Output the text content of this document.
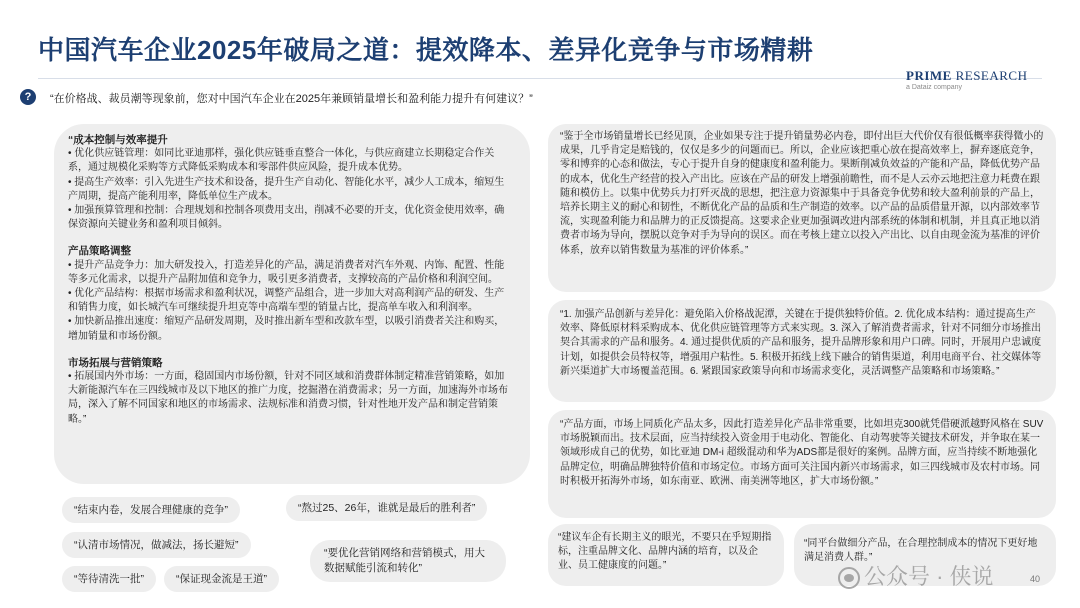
中国汽车企业2025年破局之道：提效降本、差异化竞争与市场精耕
PRIME RESEARCH
a Dataiz company
?	“在价格战、裁员潮等现象前，您对中国汽车企业在2025年兼顾销量增长和盈利能力提升有何建议？”
“成本控制与效率提升

• 优化供应链管理：如同比亚迪那样，强化供应链垂直整合一体化，与供应商建立长期稳定合作关系，通过规模化采购等方式降低采购成本和零部件供应风险，提升成本优势。

• 提高生产效率：引入先进生产技术和设备，提升生产自动化、智能化水平，减少人工成本，缩短生产周期，提高产能利用率，降低单位生产成本。

• 加强预算管理和控制：合理规划和控制各项费用支出，削减不必要的开支，优化资金使用效率，确保资源向关键业务和盈利项目倾斜。

产品策略调整

• 提升产品竞争力：加大研发投入，打造差异化的产品，满足消费者对汽车外观、内饰、配置、性能等多元化需求，以提升产品附加值和竞争力，吸引更多消费者，支撑较高的产品价格和利润空间。

• 优化产品结构：根据市场需求和盈利状况，调整产品组合，进一步加大对高利润产品的研发、生产和销售力度，如长城汽车可继续提升坦克等中高端车型的销量占比，提高单车收入和利润率。

• 加快新品推出速度：缩短产品研发周期，及时推出新车型和改款车型，以吸引消费者关注和购买，增加销量和市场份额。

市场拓展与营销策略

• 拓展国内外市场：一方面，稳固国内市场份额，针对不同区域和消费群体制定精准营销策略，如加大新能源汽车在三四线城市及以下地区的推广力度，挖掘潜在消费需求；另一方面，加速海外市场布局，深入了解不同国家和地区的市场需求、法规标准和消费习惯，针对性地开发产品和制定营销策略。”

“鉴于全市场销量增长已经见顶，企业如果专注于提升销量势必内卷，即付出巨大代价仅有很低概率获得微小的成果，几乎肯定是赔钱的，仅仅是多少的问题而已。所以，企业应该把重心放在提高效率上，摒弃逐底竞争，零和博弈的心态和做法，专心于提升自身的健康度和盈利能力。果断削减负效益的产能和产品，降低优势产品的成本，优化生产经营的投入产出比。应该在产品的研发上增强前瞻性，而不是人云亦云地把注意力耗费在跟随和模仿上。以集中优势兵力打歼灭战的思想，把注意力资源集中于具备竞争优势和较大盈利前景的产品上，培养长期主义的耐心和韧性，不断优化产品的品质和生产制造的效率。以产品的品质借量开源，以内部效率节流，实现盈利能力和品牌力的正反馈提高。这要求企业更加强调改进内部系统的体制和机制，并且真正地以消费者市场为导向，摆脱以竞争对手为导向的误区。而在考核上建立以投入产出比、以自由现金流为基准的评价体系，放弃以销售数量为基准的评价体系。”
“1. 加强产品创新与差异化：避免陷入价格战泥潭，关键在于提供独特价值。2. 优化成本结构：通过提高生产效率、降低原材料采购成本、优化供应链管理等方式来实现。3. 深入了解消费者需求，针对不同细分市场推出契合其需求的产品和服务。4. 通过提供优质的产品和服务，提升品牌形象和用户口碑。同时，开展用户忠诚度计划，如提供会员特权等，增强用户粘性。5. 积极开拓线上线下融合的销售渠道，利用电商平台、社交媒体等新兴渠道扩大市场覆盖范围。6. 紧跟国家政策导向和市场需求变化，灵活调整产品策略和市场策略。”
“产品方面，市场上同质化产品太多，因此打造差异化产品非常重要，比如坦克300就凭借硬派越野风格在 SUV 市场脱颖而出。技术层面，应当持续投入资金用于电动化、智能化、自动驾驶等关键技术研发，并争取在某一领域形成自己的优势，如比亚迪 DM-i 超级混动和华为ADS都是很好的案例。品牌方面，应当持续不断地强化品牌定位，明确品牌独特价值和市场定位。市场方面可关注国内新兴市场需求，如三四线城市及农村市场。同时积极开拓海外市场，如东南亚、欧洲、南美洲等地区，扩大市场份额。”
“建议车企有长期主义的眼光，不要只在乎短期指标，注重品牌文化、品牌内涵的培育，以及企业、员工健康度的问题。”
“同平台做细分产品，在合理控制成本的情况下更好地满足消费人群。”
“结束内卷，发展合理健康的竞争”	“熬过25、26年，谁就是最后的胜利者”
“认清市场情况，做减法，扬长避短”
“要优化营销网络和营销模式，用大数据赋能引流和转化”
“等待清洗一批”	“保证现金流是王道”	公众号 · 侠说	40
